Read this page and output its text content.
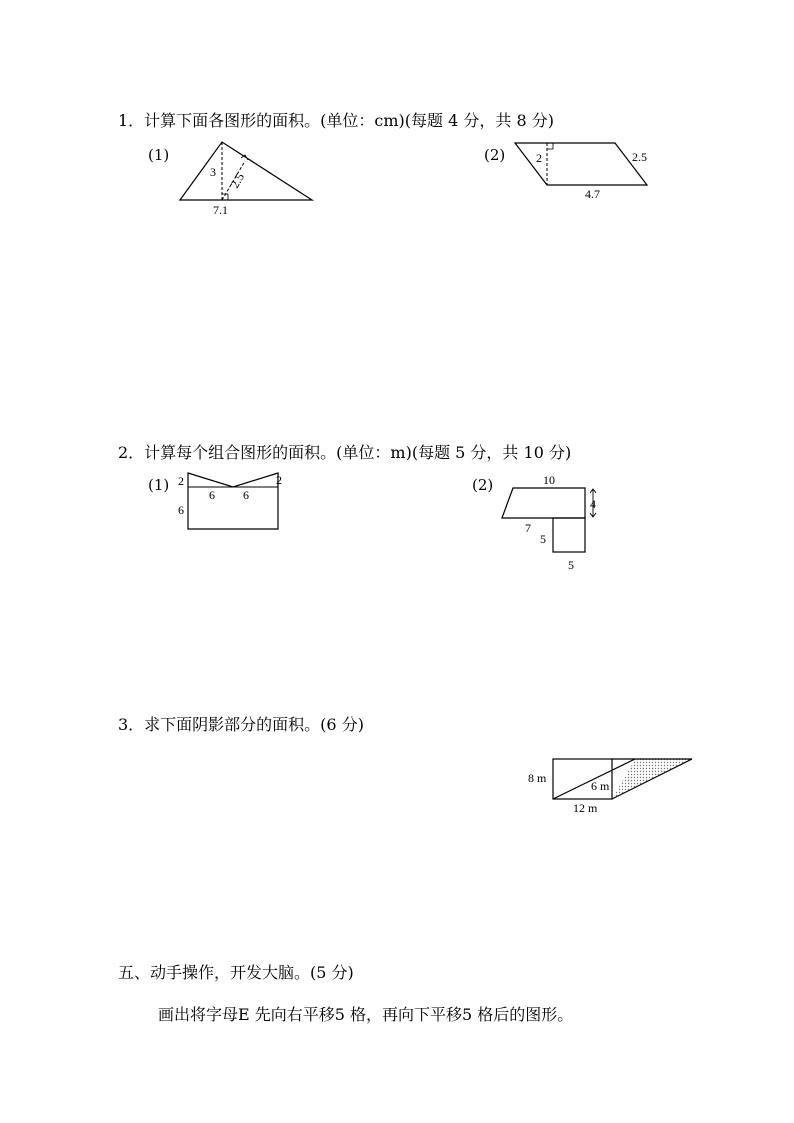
1．计算下面各图形的面积。(单位：cm)(每题 4 分，共 8 分)
(1)
3 2.5
7.1
(2)	2	2.5
4.7
2．计算每个组合图形的面积。(单位：m)(每题 5 分，共 10 分)
(1) 2	2
6 6
6
(2)	10
4
7
5
5
3．求下面阴影部分的面积。(6 分)
8 m
6 m
12 m
五、动手操作，开发大脑。(5 分)
画出将字母E 先向右平移5 格，再向下平移5 格后的图形。
